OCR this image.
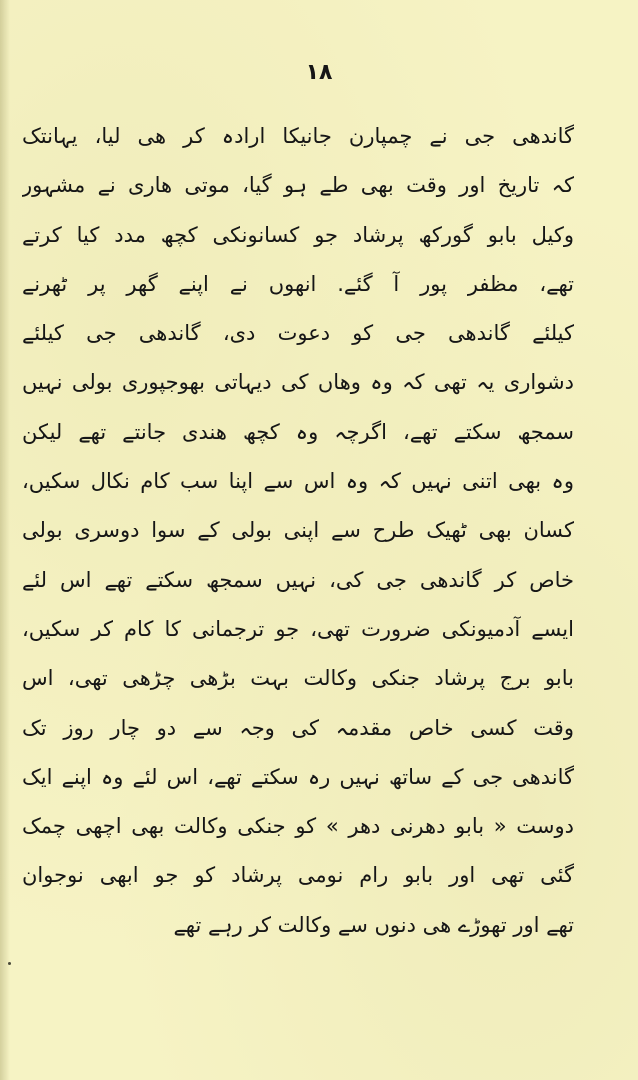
۱۸
گاندھی جی نے چمپارن جانیکا ارادہ کر ھی لیا، یہانتک
کہ تاریخ اور وقت بھی طے ہو گیا، موتی ھاری نے مشہور
وکیل بابو گورکھ پرشاد جو کسانونکی کچھ مدد کیا کرتے
تھے، مظفر پور آ گئے. انھوں نے اپنے گھر پر ٹھرنے
کیلئے گاندھی جی کو دعوت دی، گاندھی جی کیلئے
دشواری یہ تھی کہ وہ وھاں کی دیہاتی بھوجپوری بولی نہیں
سمجھ سکتے تھے، اگرچہ وہ کچھ ھندی جانتے تھے لیکن
وہ بھی اتنی نہیں کہ وہ اس سے اپنا سب کام نکال سکیں،
کسان بھی ٹھیک طرح سے اپنی بولی کے سوا دوسری بولی
خاص کر گاندھی جی کی، نہیں سمجھ سکتے تھے اس لئے
ایسے آدمیونکی ضرورت تھی، جو ترجمانی کا کام کر سکیں،
بابو برج پرشاد جنکی وکالت بہت بڑھی چڑھی تھی، اس
وقت کسی خاص مقدمہ کی وجہ سے دو چار روز تک
گاندھی جی کے ساتھ نہیں رہ سکتے تھے، اس لئے وہ اپنے ایک
دوست « بابو دھرنی دھر » کو جنکی وکالت بھی اچھی چمک
گئی تھی اور بابو رام نومی پرشاد کو جو ابھی نوجوان
تھے اور تھوڑے ھی دنوں سے وکالت کر رہے تھے
